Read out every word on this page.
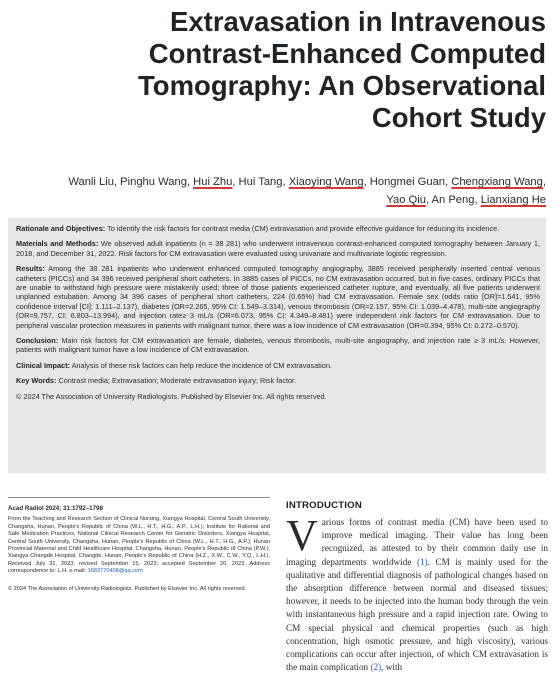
Extravasation in Intravenous
Contrast-Enhanced Computed
Tomography: An Observational
Cohort Study
Wanli Liu, Pinghu Wang, Hui Zhu, Hui Tang, Xiaoying Wang, Hongmei Guan, Chengxiang Wang,
Yao Qiu, An Peng, Lianxiang He

Rationale and Objectives: To identify the risk factors for contrast media (CM) extravasation and provide effective guidance for reducing its incidence.

Materials and Methods: We observed adult inpatients (n = 38 281) who underwent intravenous contrast-enhanced computed tomography between January 1, 2018, and December 31, 2022. Risk factors for CM extravasation were evaluated using univariate and multivariate logistic regression.

Results: Among the 38 281 inpatients who underwent enhanced computed tomography angiography, 3885 received peripherally inserted central venous catheters (PICCs) and 34 396 received peripheral short catheters. In 3885 cases of PICCs, no CM extravasation occurred, but in five cases, ordinary PICCs that are unable to withstand high pressure were mistakenly used; three of those patients experienced catheter rupture, and eventually, all five patients underwent unplanned extubation. Among 34 396 cases of peripheral short catheters, 224 (0.65%) had CM extravasation. Female sex (odds ratio [OR]=1.541, 95% confidence interval [CI]: 1.111–2.137), diabetes (OR=2.265, 95% CI: 1.549–3.314), venous thrombosis (OR=2.157, 95% CI: 1.039–4.478), multi-site angiography (OR=9.757, CI: 6.803–13.994), and injection rate≥ 3 mL/s (OR=6.073, 95% CI: 4.349–8.481) were independent risk factors for CM extravasation. Due to peripheral vascular protection measures in patients with malignant tumor, there was a low incidence of CM extravasation (OR=0.394, 95% CI: 0.272–0.570).

Conclusion: Main risk factors for CM extravasation are female, diabetes, venous thrombosis, multi-site angiography, and injection rate ≥ 3 mL/s. However, patients with malignant tumor have a low incidence of CM extravasation.

Clinical Impact: Analysis of these risk factors can help reduce the incidence of CM extravasation.

Key Words: Contrast media; Extravasation; Moderate extravasation injury; Risk factor.

© 2024 The Association of University Radiologists. Published by Elsevier Inc. All rights reserved.

Acad Radiol 2024; 31:1792–1798

From the Teaching and Research Section of Clinical Nursing, Xiangya Hospital, Central South University, Changsha, Hunan, People's Republic of China (W.L., H.T., H.G., A.P., L.H.); Institute for Rational and Safe Medication Practices, National Clinical Research Center for Geriatric Disorders, Xiangya Hospital, Central South University, Changsha, Hunan, People's Republic of China (W.L., H.T., H.G., A.P.); Hunan Provincial Maternal and Child Healthcare Hospital, Changsha, Hunan, People's Republic of China (P.W.); Xiangya Changde Hospital, Changde, Hunan, People's Republic of China (H.Z., X.W., C.W., Y.Q., L.H.). Received July 31, 2023; revised September 15, 2023; accepted September 20, 2023. Address correspondence to: L.H. e-mail: 1683770408@qq.com

© 2024 The Association of University Radiologists. Published by Elsevier Inc. All rights reserved.

INTRODUCTION
Various forms of contrast media (CM) have been used to improve medical imaging. Their value has long been recognized, as attested to by their common daily use in imaging departments worldwide (1). CM is mainly used for the qualitative and differential diagnosis of pathological changes based on the absorption difference between normal and diseased tissues; however, it needs to be injected into the human body through the vein with instantaneous high pressure and a rapid injection rate. Owing to CM special physical and chemical properties (such as high concentration, high osmotic pressure, and high viscosity), various complications can occur after injection, of which CM extravasation is the main complication (2), with
